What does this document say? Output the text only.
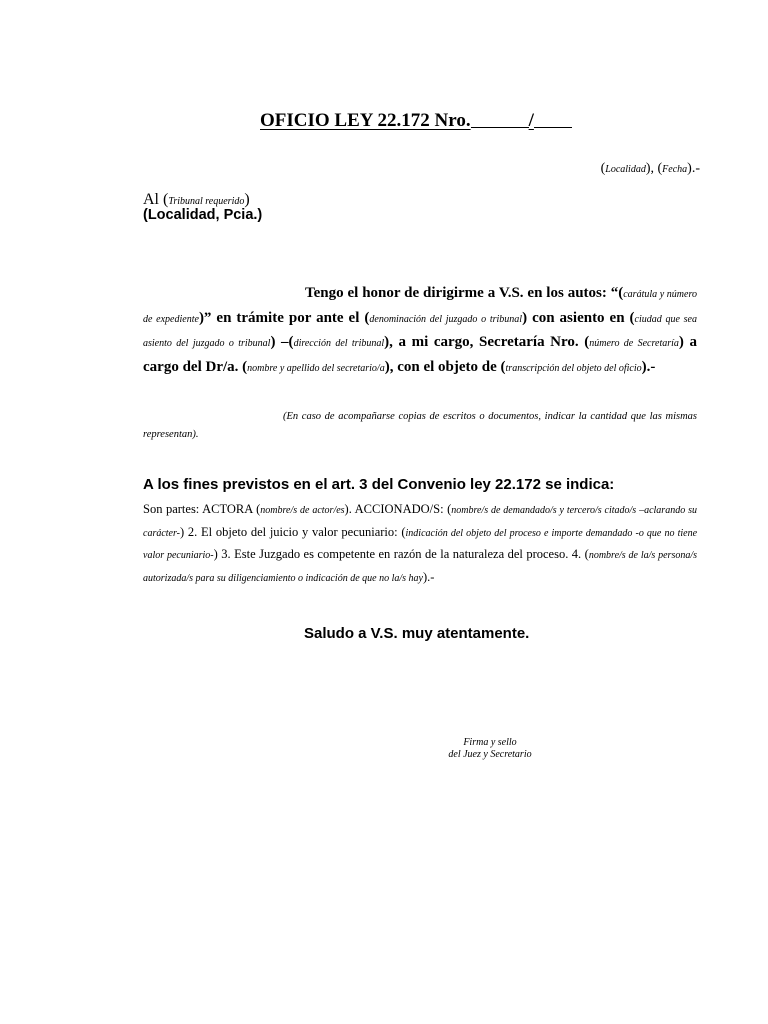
OFICIO LEY 22.172 Nro.	/
(Localidad), (Fecha).-
Al (Tribunal requerido)
(Localidad, Pcia.)
Tengo el honor de dirigirme a V.S. en los autos: “(carátula y número de expediente)” en trámite por ante el (denominación del juzgado o tribunal) con asiento en (ciudad que sea asiento del juzgado o tribunal) –(dirección del tribunal), a mi cargo, Secretaría Nro. (número de Secretaría) a cargo del Dr/a. (nombre y apellido del secretario/a), con el objeto de (transcripción del objeto del oficio).-
(En caso de acompañarse copias de escritos o documentos, indicar la cantidad que las mismas representan).
A los fines previstos en el art. 3 del Convenio ley 22.172 se indica:
Son partes: ACTORA (nombre/s de actor/es). ACCIONADO/S: (nombre/s de demandado/s y tercero/s citado/s –aclarando su carácter-) 2. El objeto del juicio y valor pecuniario: (indicación del objeto del proceso e importe demandado -o que no tiene valor pecuniario-) 3. Este Juzgado es competente en razón de la naturaleza del proceso. 4. (nombre/s de la/s persona/s autorizada/s para su diligenciamiento o indicación de que no la/s hay).-
Saludo a V.S. muy atentamente.
Firma y sello
del Juez y Secretario
